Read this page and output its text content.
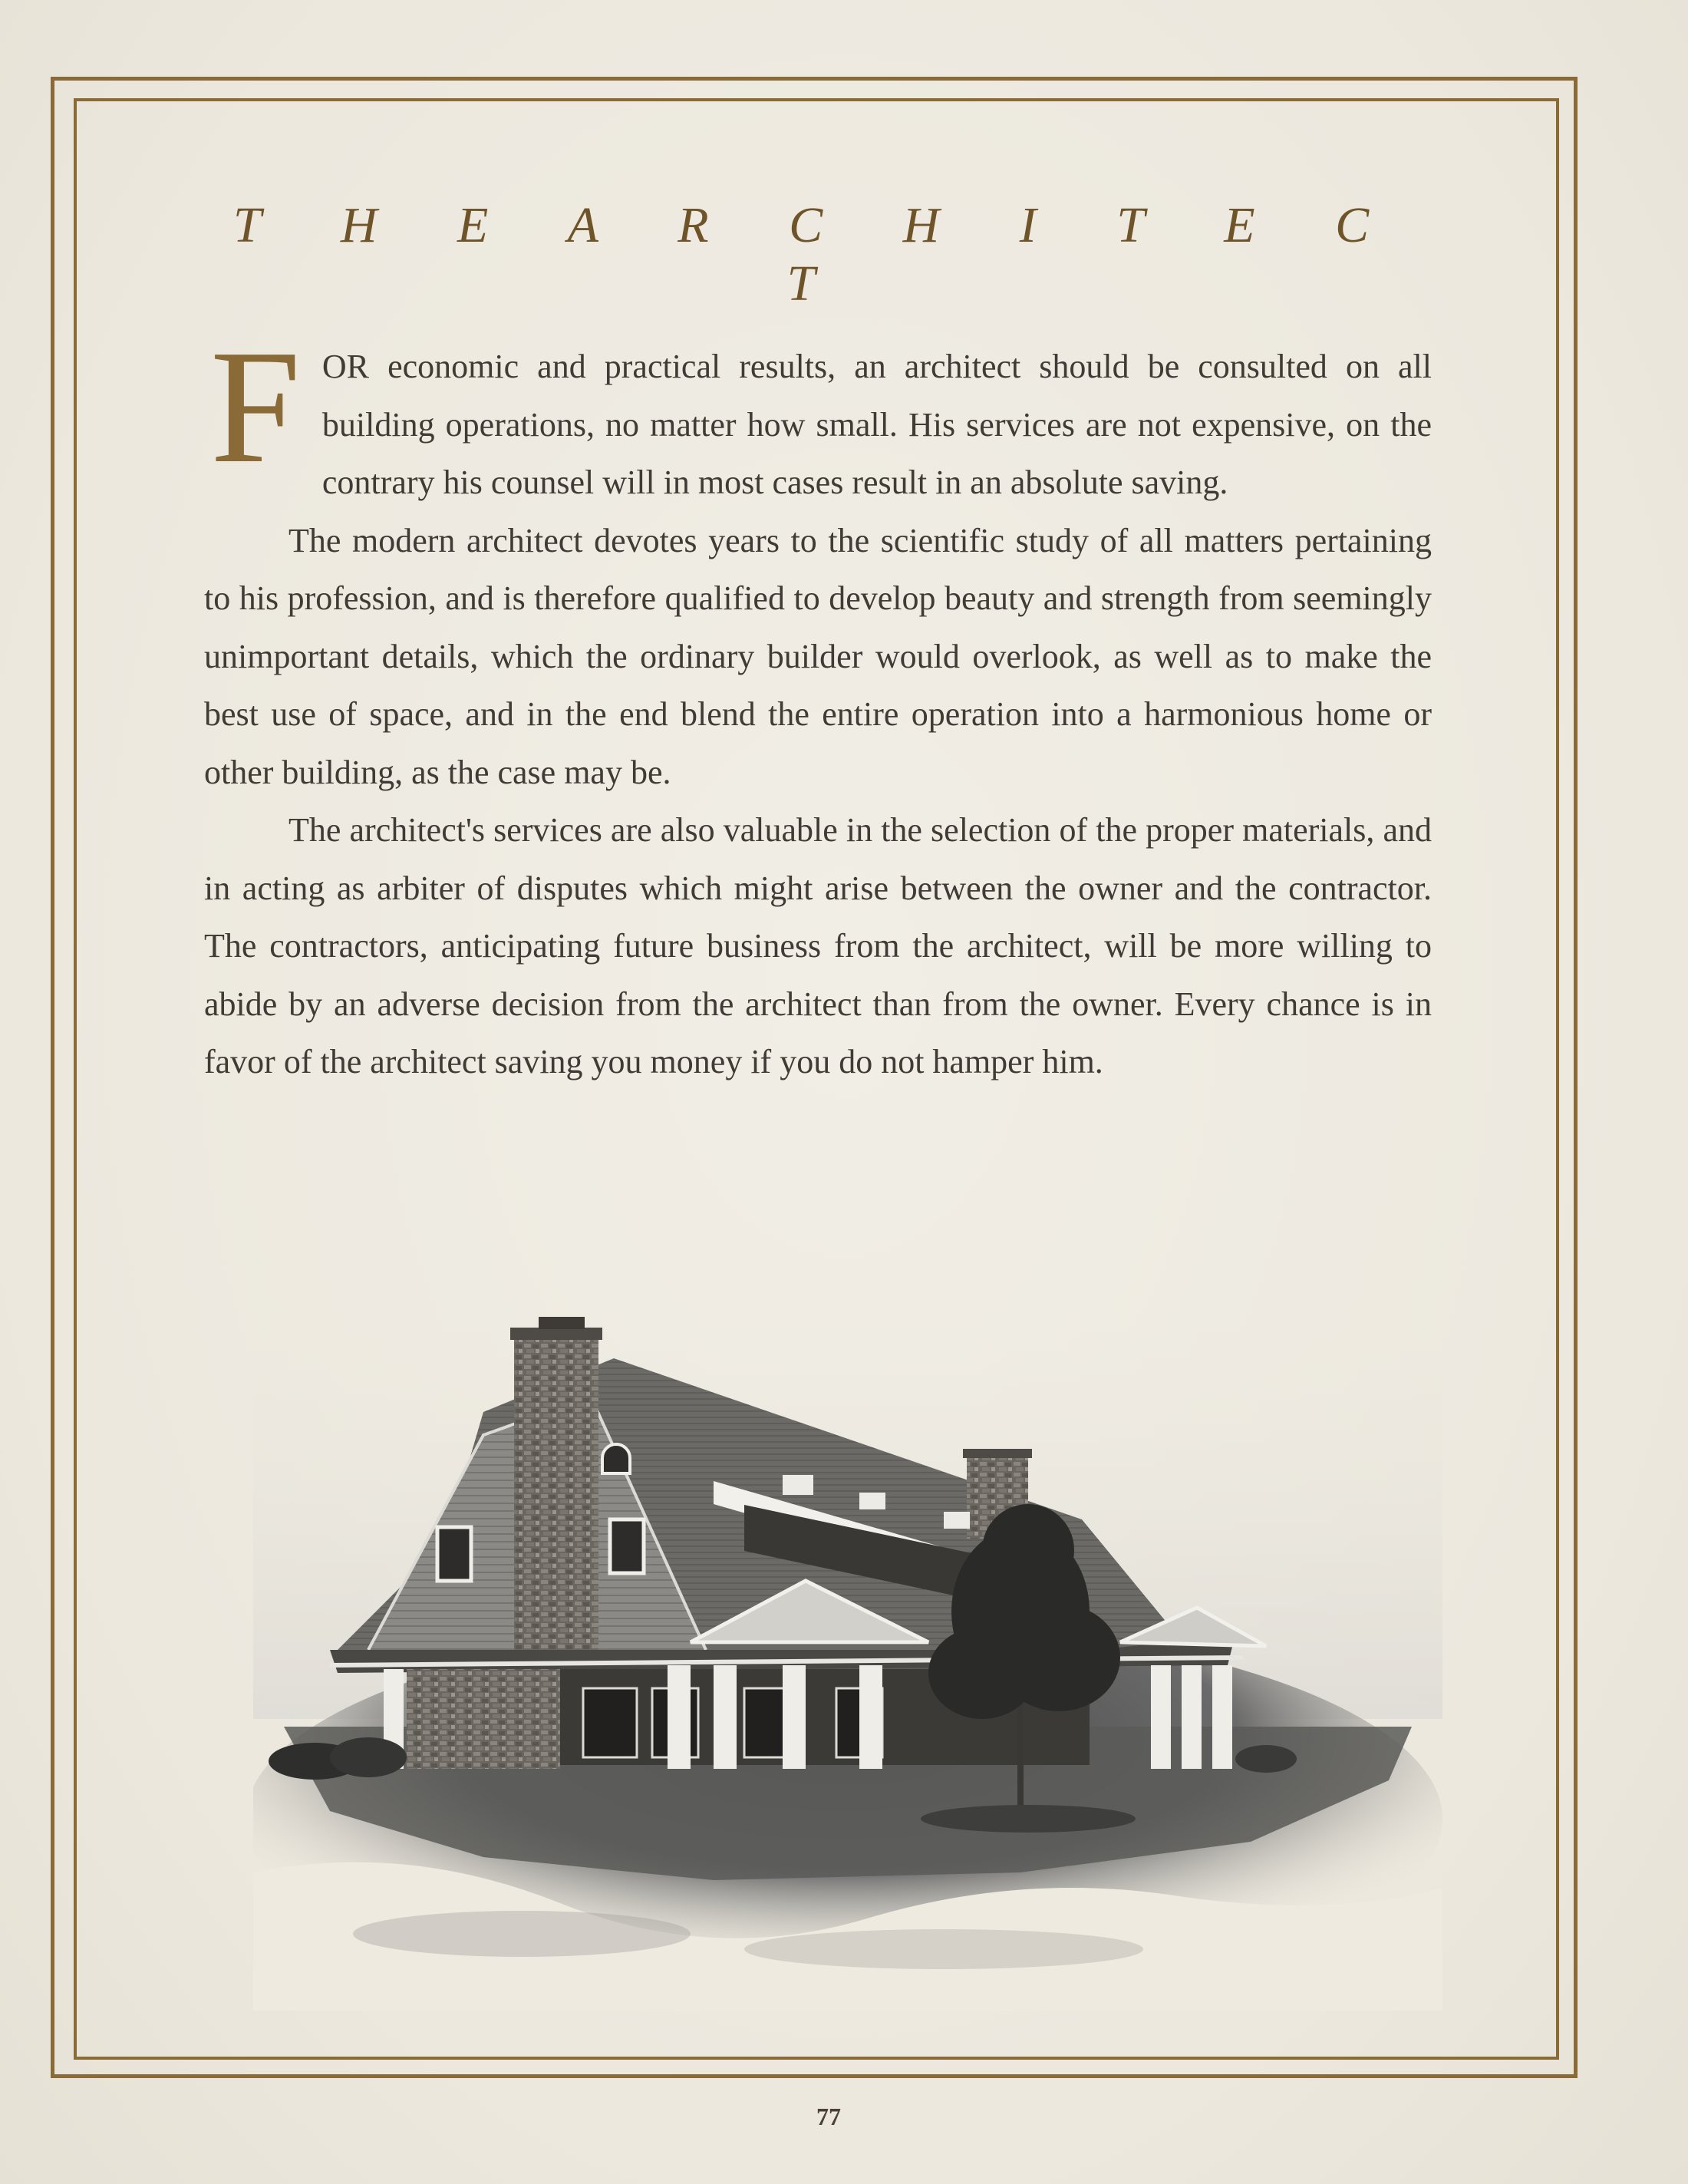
T H E A R C H I T E C T

F OR economic and practical results, an architect should be consulted on all building operations, no matter how small. His services are not expensive, on the contrary his counsel will in most cases result in an absolute saving.

The modern architect devotes years to the scientific study of all matters pertaining to his profession, and is therefore qualified to develop beauty and strength from seemingly unimportant details, which the ordinary builder would overlook, as well as to make the best use of space, and in the end blend the entire operation into a harmonious home or other building, as the case may be.

The architect's services are also valuable in the selection of the proper materials, and in acting as arbiter of disputes which might arise between the owner and the contractor. The contractors, anticipating future business from the architect, will be more willing to abide by an adverse decision from the architect than from the owner. Every chance is in favor of the architect saving you money if you do not hamper him.

77
